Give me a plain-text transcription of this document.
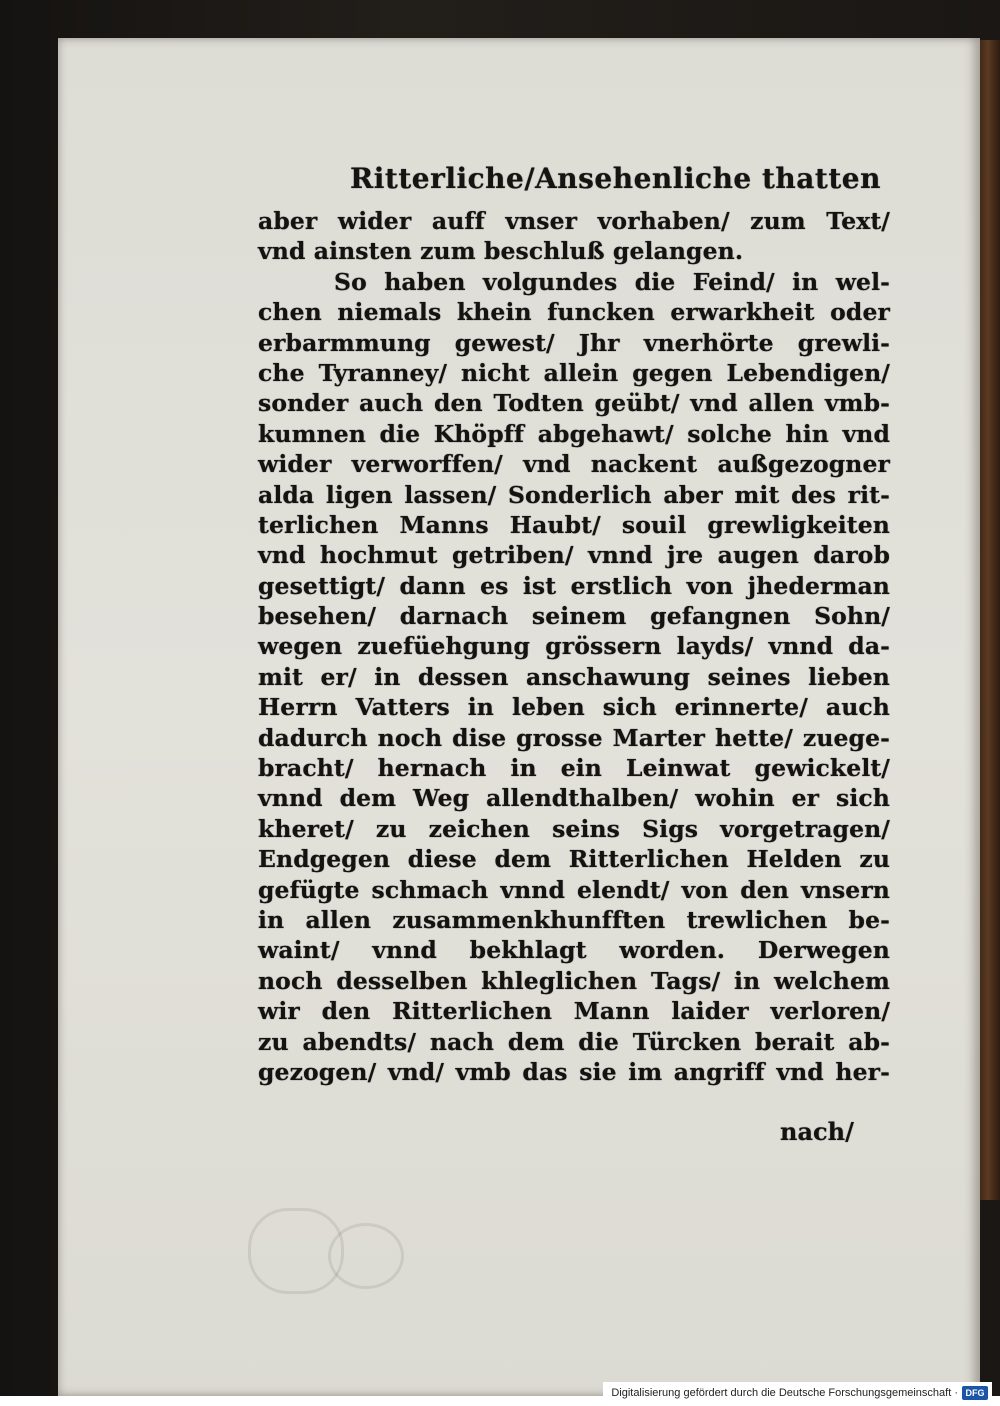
Ritterliche/Ansehenliche thatten
aber wider auff vnser vorhaben/ zum Text/
vnd ainsten zum beschluß gelangen.
So haben volgundes die Feind/ in wel-
chen niemals khein funcken erwarkheit oder
erbarmmung gewest/ Jhr vnerhörte grewli-
che Tyranney/ nicht allein gegen Lebendigen/
sonder auch den Todten geübt/ vnd allen vmb-
kumnen die Khöpff abgehawt/ solche hin vnd
wider verworffen/ vnd nackent außgezogner
alda ligen lassen/ Sonderlich aber mit des rit-
terlichen Manns Haubt/ souil grewligkeiten
vnd hochmut getriben/ vnnd jre augen darob
gesettigt/ dann es ist erstlich von jhederman
besehen/ darnach seinem gefangnen Sohn/
wegen zuefüehgung grössern layds/ vnnd da-
mit er/ in dessen anschawung seines lieben
Herrn Vatters in leben sich erinnerte/ auch
dadurch noch dise grosse Marter hette/ zuege-
bracht/ hernach in ein Leinwat gewickelt/
vnnd dem Weg allendthalben/ wohin er sich
kheret/ zu zeichen seins Sigs vorgetragen/
Endgegen diese dem Ritterlichen Helden zu
gefügte schmach vnnd elendt/ von den vnsern
in allen zusammenkhunfften trewlichen be-
waint/ vnnd bekhlagt worden. Derwegen
noch desselben khleglichen Tags/ in welchem
wir den Ritterlichen Mann laider verloren/
zu abendts/ nach dem die Türcken berait ab-
gezogen/ vnd/ vmb das sie im angriff vnd her-
nach/
Digitalisierung gefördert durch die Deutsche Forschungsgemeinschaft · DFG
